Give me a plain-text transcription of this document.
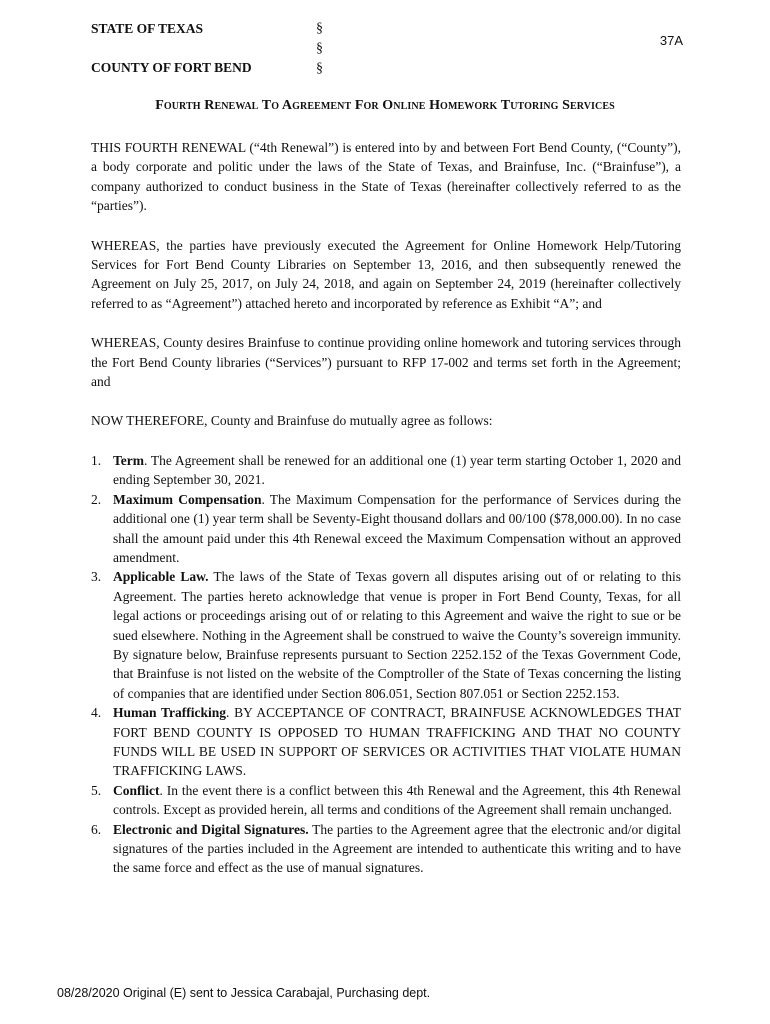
STATE OF TEXAS
COUNTY OF FORT BEND
§
§
§
37A
Fourth Renewal To Agreement For Online Homework Tutoring Services

THIS FOURTH RENEWAL (“4th Renewal”) is entered into by and between Fort Bend County, (“County”), a body corporate and politic under the laws of the State of Texas, and Brainfuse, Inc. (“Brainfuse”), a company authorized to conduct business in the State of Texas (hereinafter collectively referred to as the “parties”).

WHEREAS, the parties have previously executed the Agreement for Online Homework Help/Tutoring Services for Fort Bend County Libraries on September 13, 2016, and then subsequently renewed the Agreement on July 25, 2017, on July 24, 2018, and again on September 24, 2019 (hereinafter collectively referred to as “Agreement”) attached hereto and incorporated by reference as Exhibit “A”; and

WHEREAS, County desires Brainfuse to continue providing online homework and tutoring services through the Fort Bend County libraries (“Services”) pursuant to RFP 17-002 and terms set forth in the Agreement; and

NOW THEREFORE, County and Brainfuse do mutually agree as follows:

1. Term. The Agreement shall be renewed for an additional one (1) year term starting October 1, 2020 and ending September 30, 2021.
2. Maximum Compensation. The Maximum Compensation for the performance of Services during the additional one (1) year term shall be Seventy-Eight thousand dollars and 00/100 ($78,000.00). In no case shall the amount paid under this 4th Renewal exceed the Maximum Compensation without an approved amendment.
3. Applicable Law. The laws of the State of Texas govern all disputes arising out of or relating to this Agreement. The parties hereto acknowledge that venue is proper in Fort Bend County, Texas, for all legal actions or proceedings arising out of or relating to this Agreement and waive the right to sue or be sued elsewhere. Nothing in the Agreement shall be construed to waive the County’s sovereign immunity. By signature below, Brainfuse represents pursuant to Section 2252.152 of the Texas Government Code, that Brainfuse is not listed on the website of the Comptroller of the State of Texas concerning the listing of companies that are identified under Section 806.051, Section 807.051 or Section 2252.153.
4. Human Trafficking. BY ACCEPTANCE OF CONTRACT, BRAINFUSE ACKNOWLEDGES THAT FORT BEND COUNTY IS OPPOSED TO HUMAN TRAFFICKING AND THAT NO COUNTY FUNDS WILL BE USED IN SUPPORT OF SERVICES OR ACTIVITIES THAT VIOLATE HUMAN TRAFFICKING LAWS.
5. Conflict. In the event there is a conflict between this 4th Renewal and the Agreement, this 4th Renewal controls. Except as provided herein, all terms and conditions of the Agreement shall remain unchanged.
6. Electronic and Digital Signatures. The parties to the Agreement agree that the electronic and/or digital signatures of the parties included in the Agreement are intended to authenticate this writing and to have the same force and effect as the use of manual signatures.
08/28/2020 Original (E) sent to Jessica Carabajal, Purchasing dept.
